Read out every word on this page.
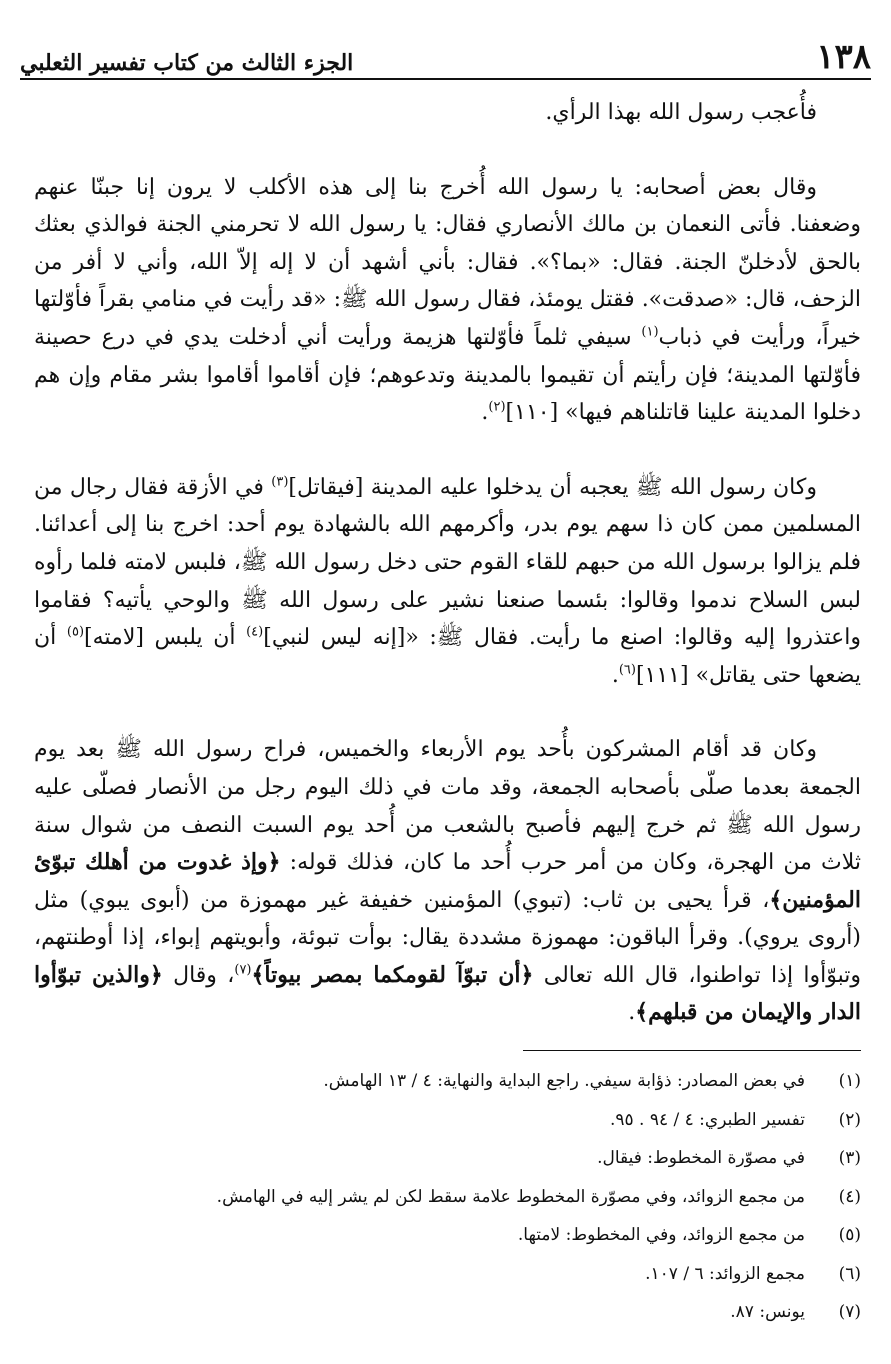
١٣٨
الجزء الثالث من كتاب تفسير الثعلبي

فأُعجب رسول الله بهذا الرأي.

وقال بعض أصحابه: يا رسول الله أُخرج بنا إلى هذه الأكلب لا يرون إنا جبنّا عنهم وضعفنا. فأتى النعمان بن مالك الأنصاري فقال: يا رسول الله لا تحرمني الجنة فوالذي بعثك بالحق لأدخلنّ الجنة. فقال: «بما؟». فقال: بأني أشهد أن لا إله إلاّ الله، وأني لا أفر من الزحف، قال: «صدقت». فقتل يومئذ، فقال رسول الله ﷺ: «قد رأيت في منامي بقراً فأوّلتها خيراً، ورأيت في ذباب$^{(١)}$ سيفي ثلماً فأوّلتها هزيمة ورأيت أني أدخلت يدي في درع حصينة فأوّلتها المدينة؛ فإن رأيتم أن تقيموا بالمدينة وتدعوهم؛ فإن أقاموا أقاموا بشر مقام وإن هم دخلوا المدينة علينا قاتلناهم فيها» [١١٠]$^{(٢)}$.

وكان رسول الله ﷺ يعجبه أن يدخلوا عليه المدينة [فيقاتل]$^{(٣)}$ في الأزقة فقال رجال من المسلمين ممن كان ذا سهم يوم بدر، وأكرمهم الله بالشهادة يوم أحد: اخرج بنا إلى أعدائنا. فلم يزالوا برسول الله من حبهم للقاء القوم حتى دخل رسول الله ﷺ، فلبس لامته فلما رأوه لبس السلاح ندموا وقالوا: بئسما صنعنا نشير على رسول الله ﷺ والوحي يأتيه؟ فقاموا واعتذروا إليه وقالوا: اصنع ما رأيت. فقال ﷺ: «[إنه ليس لنبي]$^{(٤)}$ أن يلبس [لامته]$^{(٥)}$ أن يضعها حتى يقاتل» [١١١]$^{(٦)}$.

وكان قد أقام المشركون بأُحد يوم الأربعاء والخميس، فراح رسول الله ﷺ بعد يوم الجمعة بعدما صلّى بأصحابه الجمعة، وقد مات في ذلك اليوم رجل من الأنصار فصلّى عليه رسول الله ﷺ ثم خرج إليهم فأصبح بالشعب من أُحد يوم السبت النصف من شوال سنة ثلاث من الهجرة، وكان من أمر حرب أُحد ما كان، فذلك قوله: ﴿وإذ غدوت من أهلك تبوّئ المؤمنين﴾، قرأ يحيى بن ثاب: (تبوي) المؤمنين خفيفة غير مهموزة من (أبوى يبوي) مثل (أروى يروي). وقرأ الباقون: مهموزة مشددة يقال: بوأت تبوئة، وأبويتهم إبواء، إذا أوطنتهم، وتبوّأوا إذا تواطنوا، قال الله تعالى ﴿أن تبوّآ لقومكما بمصر بيوتاً﴾$^{(٧)}$، وقال ﴿والذين تبوّأوا الدار والإيمان من قبلهم﴾.

(١)
في بعض المصادر: ذؤابة سيفي. راجع البداية والنهاية: ٤ / ١٣ الهامش.
(٢)
تفسير الطبري: ٤ / ٩٤ . ٩٥.
(٣)
في مصوّرة المخطوط: فيقال.
(٤)
من مجمع الزوائد، وفي مصوّرة المخطوط علامة سقط لكن لم يشر إليه في الهامش.
(٥)
من مجمع الزوائد، وفي المخطوط: لامتها.
(٦)
مجمع الزوائد: ٦ / ١٠٧.
(٧)
يونس: ٨٧.
